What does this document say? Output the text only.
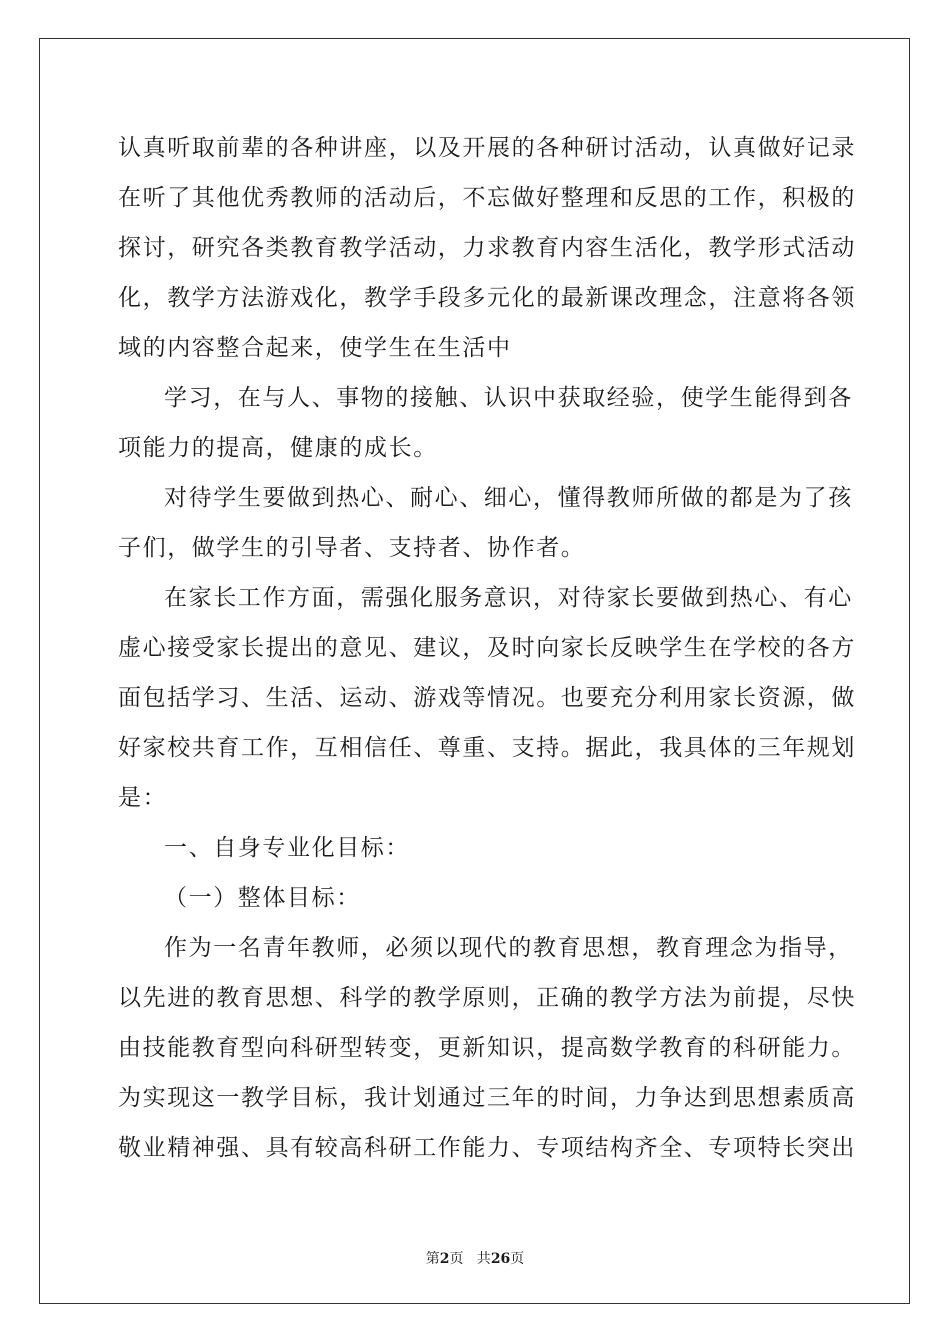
认真听取前辈的各种讲座，以及开展的各种研讨活动，认真做好记录
在听了其他优秀教师的活动后，不忘做好整理和反思的工作，积极的
探讨，研究各类教育教学活动，力求教育内容生活化，教学形式活动
化，教学方法游戏化，教学手段多元化的最新课改理念，注意将各领
域的内容整合起来，使学生在生活中
学习，在与人、事物的接触、认识中获取经验，使学生能得到各
项能力的提高，健康的成长。
对待学生要做到热心、耐心、细心，懂得教师所做的都是为了孩
子们，做学生的引导者、支持者、协作者。
在家长工作方面，需强化服务意识，对待家长要做到热心、有心
虚心接受家长提出的意见、建议，及时向家长反映学生在学校的各方
面包括学习、生活、运动、游戏等情况。也要充分利用家长资源，做
好家校共育工作，互相信任、尊重、支持。据此，我具体的三年规划
是：
一、自身专业化目标：
（一）整体目标：
作为一名青年教师，必须以现代的教育思想，教育理念为指导，
以先进的教育思想、科学的教学原则，正确的教学方法为前提，尽快
由技能教育型向科研型转变，更新知识，提高数学教育的科研能力。
为实现这一教学目标，我计划通过三年的时间，力争达到思想素质高
敬业精神强、具有较高科研工作能力、专项结构齐全、专项特长突出
第2页   共26页
